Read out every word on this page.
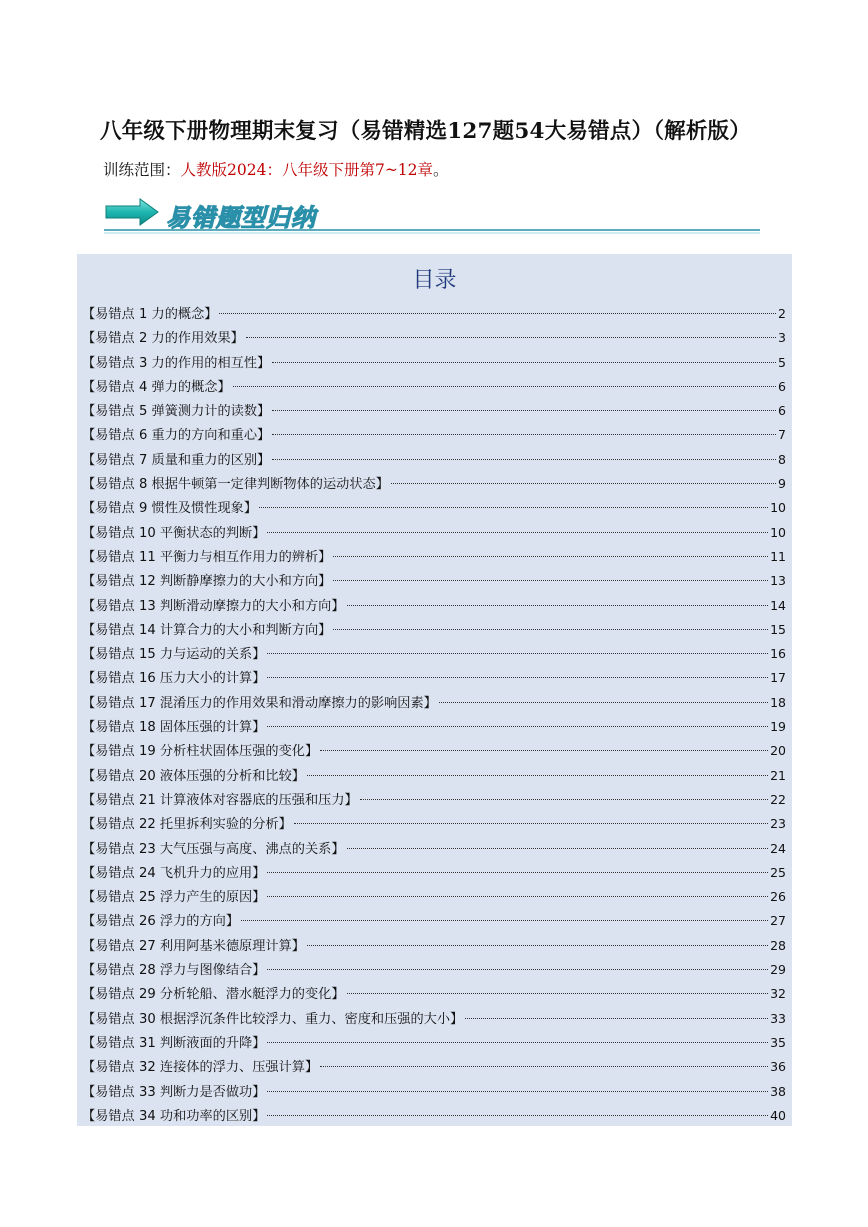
八年级下册物理期末复习（易错精选127题54大易错点）（解析版）
训练范围：人教版2024：八年级下册第7~12章。
易错题型归纳
目录
【易错点 1 力的概念】	2
【易错点 2 力的作用效果】	3
【易错点 3 力的作用的相互性】	5
【易错点 4 弹力的概念】	6
【易错点 5 弹簧测力计的读数】	6
【易错点 6 重力的方向和重心】	7
【易错点 7 质量和重力的区别】	8
【易错点 8 根据牛顿第一定律判断物体的运动状态】	9
【易错点 9 惯性及惯性现象】	10
【易错点 10 平衡状态的判断】	10
【易错点 11 平衡力与相互作用力的辨析】	11
【易错点 12 判断静摩擦力的大小和方向】	13
【易错点 13 判断滑动摩擦力的大小和方向】	14
【易错点 14 计算合力的大小和判断方向】	15
【易错点 15 力与运动的关系】	16
【易错点 16 压力大小的计算】	17
【易错点 17 混淆压力的作用效果和滑动摩擦力的影响因素】	18
【易错点 18 固体压强的计算】	19
【易错点 19 分析柱状固体压强的变化】	20
【易错点 20 液体压强的分析和比较】	21
【易错点 21 计算液体对容器底的压强和压力】	22
【易错点 22 托里拆利实验的分析】	23
【易错点 23 大气压强与高度、沸点的关系】	24
【易错点 24 飞机升力的应用】	25
【易错点 25 浮力产生的原因】	26
【易错点 26 浮力的方向】	27
【易错点 27 利用阿基米德原理计算】	28
【易错点 28 浮力与图像结合】	29
【易错点 29 分析轮船、潜水艇浮力的变化】	32
【易错点 30 根据浮沉条件比较浮力、重力、密度和压强的大小】	33
【易错点 31 判断液面的升降】	35
【易错点 32 连接体的浮力、压强计算】	36
【易错点 33 判断力是否做功】	38
【易错点 34 功和功率的区别】	40
